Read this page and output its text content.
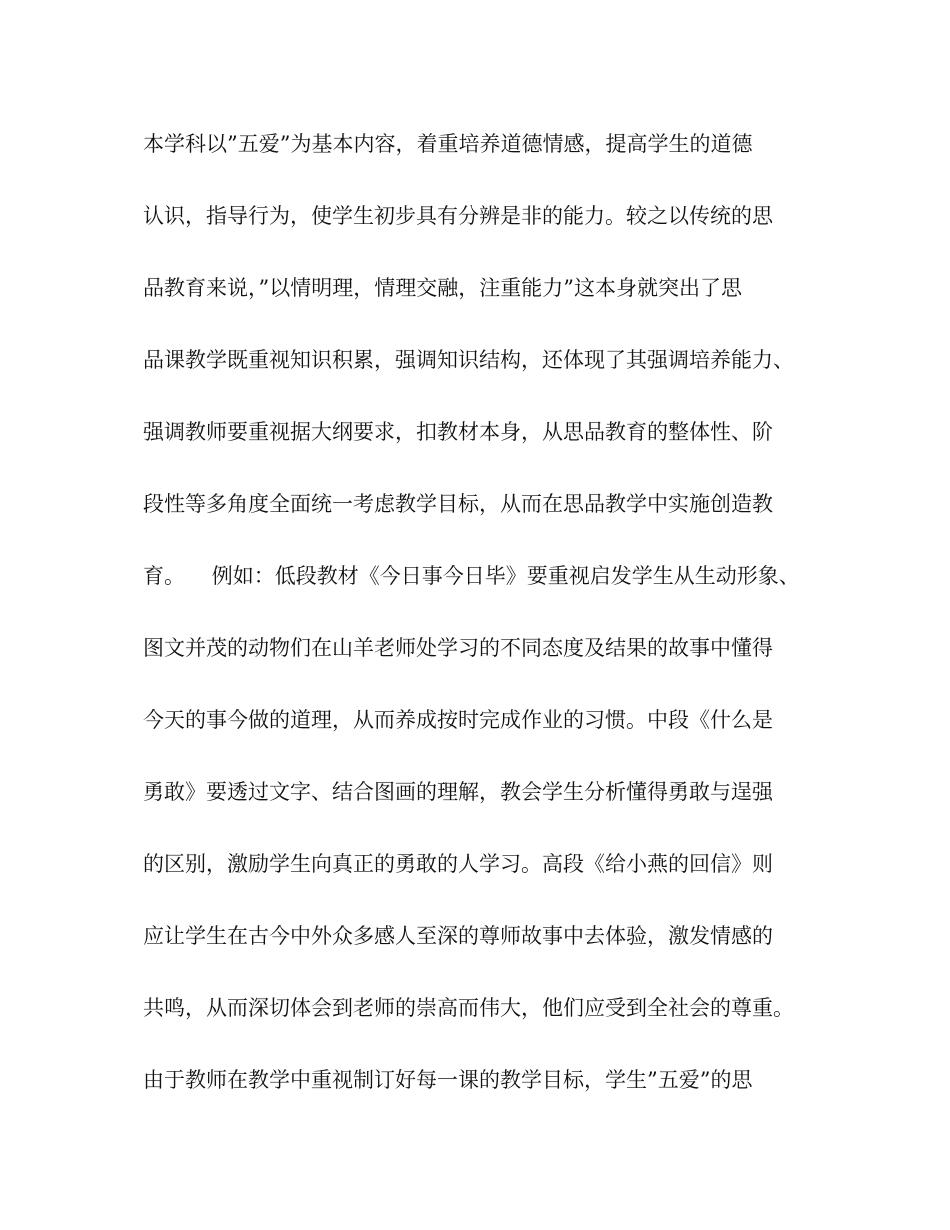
本学科以”五爱”为基本内容，着重培养道德情感，提高学生的道德
认识，指导行为，使学生初步具有分辨是非的能力。较之以传统的思
品教育来说，”以情明理，情理交融，注重能力”这本身就突出了思
品课教学既重视知识积累，强调知识结构，还体现了其强调培养能力、
强调教师要重视据大纲要求，扣教材本身，从思品教育的整体性、阶
段性等多角度全面统一考虑教学目标，从而在思品教学中实施创造教
育。    例如：低段教材《今日事今日毕》要重视启发学生从生动形象、
图文并茂的动物们在山羊老师处学习的不同态度及结果的故事中懂得
今天的事今做的道理，从而养成按时完成作业的习惯。中段《什么是
勇敢》要透过文字、结合图画的理解，教会学生分析懂得勇敢与逞强
的区别，激励学生向真正的勇敢的人学习。高段《给小燕的回信》则
应让学生在古今中外众多感人至深的尊师故事中去体验，激发情感的
共鸣，从而深切体会到老师的崇高而伟大，他们应受到全社会的尊重。
由于教师在教学中重视制订好每一课的教学目标，学生”五爱”的思
